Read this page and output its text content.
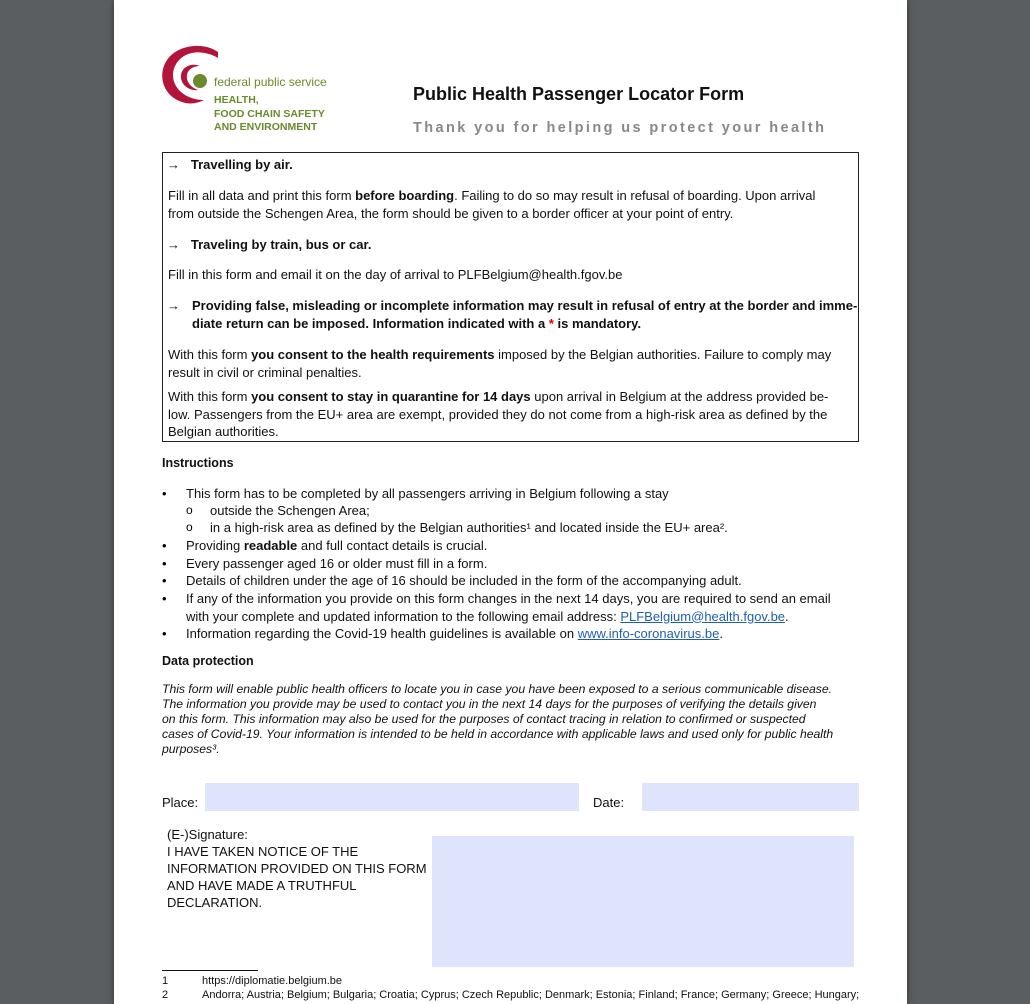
federal public service
HEALTH,
FOOD CHAIN SAFETY
AND ENVIRONMENT
Public Health Passenger Locator Form
Thank you for helping us protect your health
→ Travelling by air.
Fill in all data and print this form before boarding. Failing to do so may result in refusal of boarding. Upon arrival
from outside the Schengen Area, the form should be given to a border officer at your point of entry.
→ Traveling by train, bus or car.
Fill in this form and email it on the day of arrival to PLFBelgium@health.fgov.be
→ Providing false, misleading or incomplete information may result in refusal of entry at the border and imme-
diate return can be imposed. Information indicated with a * is mandatory.
With this form you consent to the health requirements imposed by the Belgian authorities. Failure to comply may
result in civil or criminal penalties.
With this form you consent to stay in quarantine for 14 days upon arrival in Belgium at the address provided be-
low. Passengers from the EU+ area are exempt, provided they do not come from a high-risk area as defined by the
Belgian authorities.
Instructions
• This form has to be completed by all passengers arriving in Belgium following a stay
o outside the Schengen Area;
o in a high-risk area as defined by the Belgian authorities¹ and located inside the EU+ area².
• Providing readable and full contact details is crucial.
• Every passenger aged 16 or older must fill in a form.
• Details of children under the age of 16 should be included in the form of the accompanying adult.
• If any of the information you provide on this form changes in the next 14 days, you are required to send an email
with your complete and updated information to the following email address: PLFBelgium@health.fgov.be.
• Information regarding the Covid-19 health guidelines is available on www.info-coronavirus.be.
Data protection
This form will enable public health officers to locate you in case you have been exposed to a serious communicable disease.
The information you provide may be used to contact you in the next 14 days for the purposes of verifying the details given
on this form. This information may also be used for the purposes of contact tracing in relation to confirmed or suspected
cases of Covid-19. Your information is intended to be held in accordance with applicable laws and used only for public health
purposes³.
Place:	Date:
(E-)Signature:
I HAVE TAKEN NOTICE OF THE
INFORMATION PROVIDED ON THIS FORM
AND HAVE MADE A TRUTHFUL
DECLARATION.
1	https://diplomatie.belgium.be
2	Andorra; Austria; Belgium; Bulgaria; Croatia; Cyprus; Czech Republic; Denmark; Estonia; Finland; France; Germany; Greece; Hungary;
